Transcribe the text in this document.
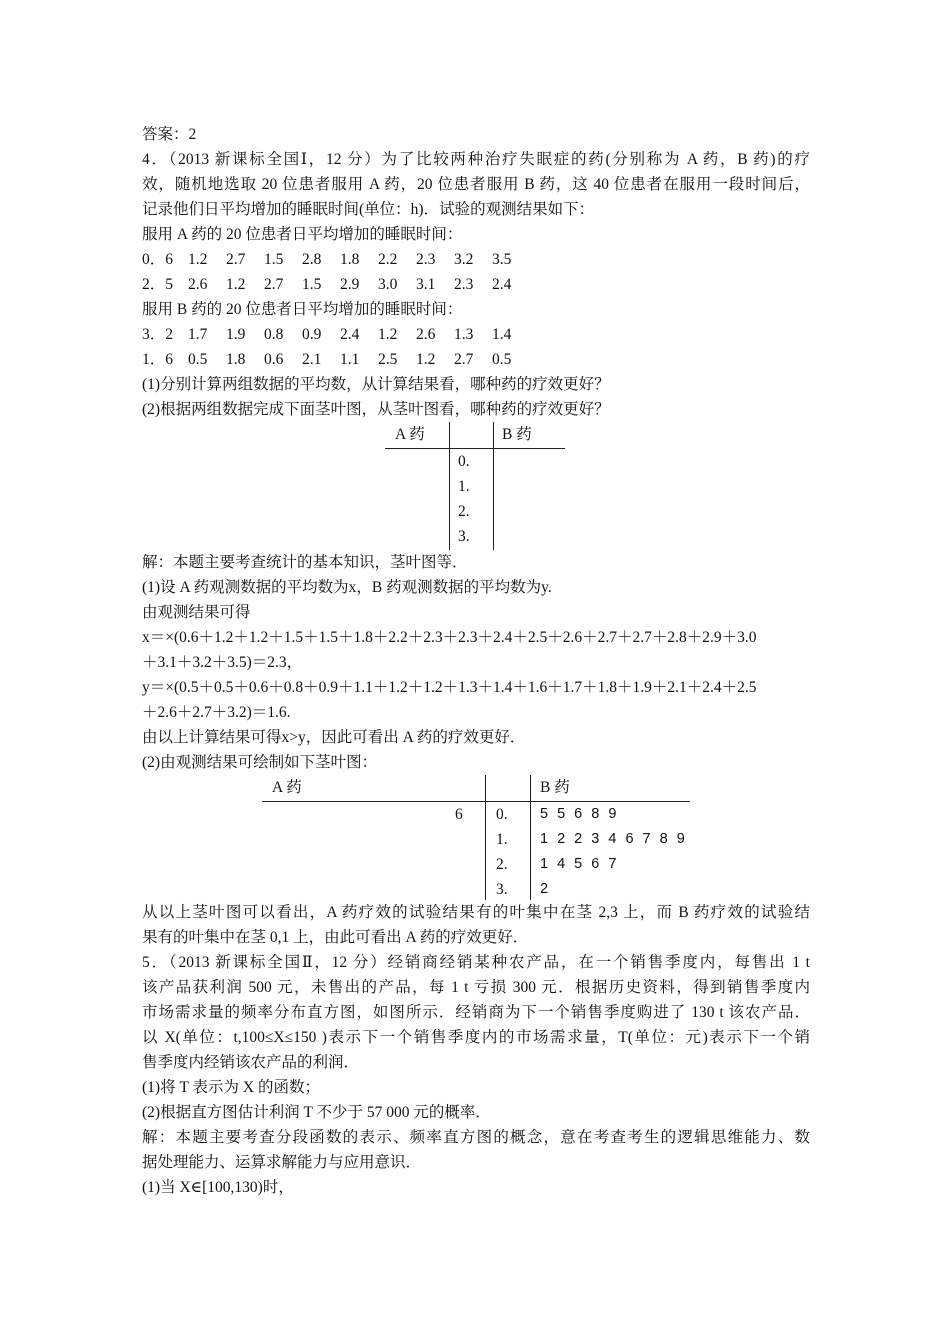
答案：2
4．（2013 新课标全国Ⅰ，12 分）为了比较两种治疗失眠症的药(分别称为 A 药，B 药)的疗
效，随机地选取 20 位患者服用 A 药，20 位患者服用 B 药，这 40 位患者在服用一段时间后，
记录他们日平均增加的睡眠时间(单位：h)．试验的观测结果如下：
服用 A 药的 20 位患者日平均增加的睡眠时间：
0．6 1.2 2.7 1.5 2.8 1.8 2.2 2.3 3.2 3.5
2．5 2.6 1.2 2.7 1.5 2.9 3.0 3.1 2.3 2.4
服用 B 药的 20 位患者日平均增加的睡眠时间：
3．2 1.7 1.9 0.8 0.9 2.4 1.2 2.6 1.3 1.4
1．6 0.5 1.8 0.6 2.1 1.1 2.5 1.2 2.7 0.5
(1)分别计算两组数据的平均数，从计算结果看，哪种药的疗效更好？
(2)根据两组数据完成下面茎叶图，从茎叶图看，哪种药的疗效更好？
A 药	B 药
0.
1.
2.
3.
解：本题主要考查统计的基本知识，茎叶图等．
(1)设 A 药观测数据的平均数为x，B 药观测数据的平均数为y.
由观测结果可得
x＝×(0.6＋1.2＋1.2＋1.5＋1.5＋1.8＋2.2＋2.3＋2.3＋2.4＋2.5＋2.6＋2.7＋2.7＋2.8＋2.9＋3.0
＋3.1＋3.2＋3.5)＝2.3，
y＝×(0.5＋0.5＋0.6＋0.8＋0.9＋1.1＋1.2＋1.2＋1.3＋1.4＋1.6＋1.7＋1.8＋1.9＋2.1＋2.4＋2.5
＋2.6＋2.7＋3.2)＝1.6.
由以上计算结果可得x>y，因此可看出 A 药的疗效更好．
(2)由观测结果可绘制如下茎叶图：
A 药	B 药
6 0. 5 5 6 8 9
1. 1 2 2 3 4 6 7 8 9
2. 1 4 5 6 7
3. 2
从以上茎叶图可以看出，A 药疗效的试验结果有的叶集中在茎 2,3 上，而 B 药疗效的试验结
果有的叶集中在茎 0,1 上，由此可看出 A 药的疗效更好．
5．（2013 新课标全国Ⅱ，12 分）经销商经销某种农产品，在一个销售季度内，每售出 1 t
该产品获利润 500 元，未售出的产品，每 1 t 亏损 300 元．根据历史资料，得到销售季度内
市场需求量的频率分布直方图，如图所示．经销商为下一个销售季度购进了 130 t 该农产品．
以 X(单位：t,100≤X≤150 )表示下一个销售季度内的市场需求量，T(单位：元)表示下一个销
售季度内经销该农产品的利润．
(1)将 T 表示为 X 的函数；
(2)根据直方图估计利润 T 不少于 57 000 元的概率．
解：本题主要考查分段函数的表示、频率直方图的概念，意在考查考生的逻辑思维能力、数
据处理能力、运算求解能力与应用意识．
(1)当 X∈[100,130)时，
